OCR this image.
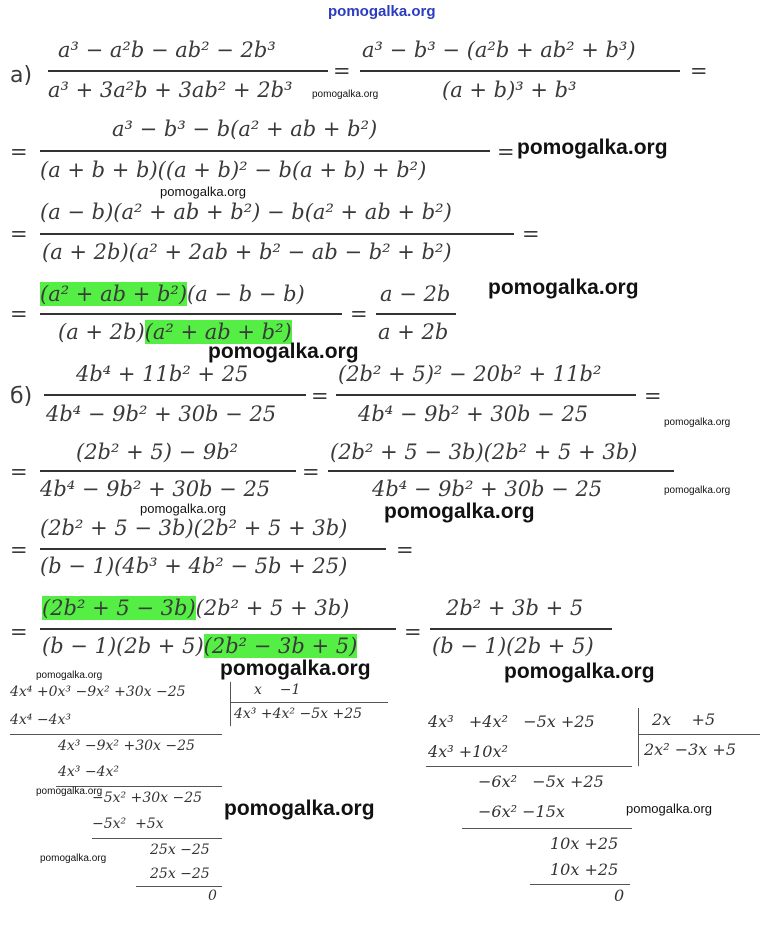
pomogalka.org
а)
a³ − a²b − ab² − 2b³
a³ + 3a²b + 3ab² + 2b³
=
a³ − b³ − (a²b + ab² + b³)
(a + b)³ + b³
=
pomogalka.org
=
a³ − b³ − b(a² + ab + b²)
(a + b + b)((a + b)² − b(a + b) + b²)
= pomogalka.org
pomogalka.org
=
(a − b)(a² + ab + b²) − b(a² + ab + b²)
(a + 2b)(a² + 2ab + b² − ab − b² + b²)
=
=
(a² + ab + b²)(a − b − b)
(a + 2b)(a² + ab + b²)
=
a − 2b
a + 2b
pomogalka.org
pomogalka.org
б)
4b⁴ + 11b² + 25
4b⁴ − 9b² + 30b − 25
=
(2b² + 5)² − 20b² + 11b²
4b⁴ − 9b² + 30b − 25
=
pomogalka.org
=
(2b² + 5) − 9b²
4b⁴ − 9b² + 30b − 25
=
(2b² + 5 − 3b)(2b² + 5 + 3b)
4b⁴ − 9b² + 30b − 25	pomogalka.org
pomogalka.org	pomogalka.org
=
(2b² + 5 − 3b)(2b² + 5 + 3b)
(b − 1)(4b³ + 4b² − 5b + 25)
=
=
(2b² + 5 − 3b)(2b² + 5 + 3b)
(b − 1)(2b + 5)(2b² − 3b + 5)
=
2b² + 3b + 5
(b − 1)(2b + 5)
pomogalka.org	pomogalka.org
pomogalka.org
4x⁴ +0x³ −9x² +30x −25	x −1
4x³ +4x² −5x +25
4x⁴ −4x³
4x³ −9x² +30x −25
4x³ −4x²
pomogalka.org
−5x² +30x −25
−5x² +5x
25x −25
pomogalka.org
25x −25
0
pomogalka.org
4x³ +4x² −5x +25	2x +5
2x² −3x +5
4x³ +10x²
−6x² −5x +25
−6x² −15x	pomogalka.org
10x +25
10x +25
0
